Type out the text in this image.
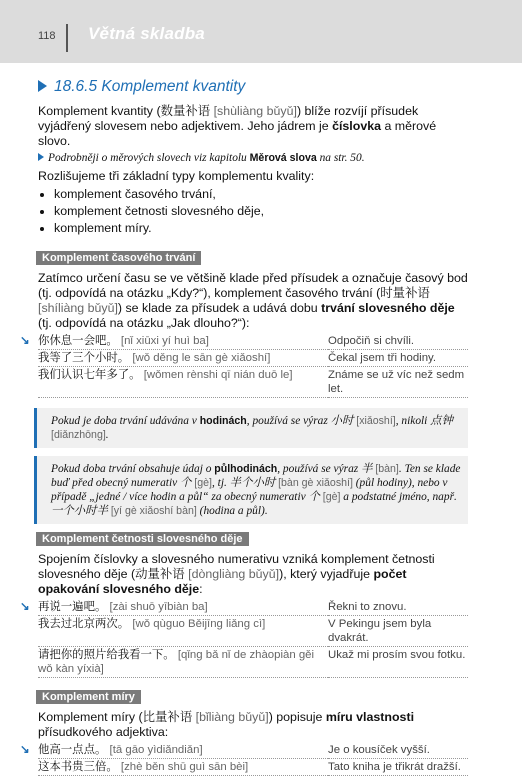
118 Větná skladba
18.6.5 Komplement kvantity

Komplement kvantity (数量补语 [shùliàng bǔyǔ]) blíže rozvíjí přísudek vyjádřený slovesem nebo adjektivem. Jeho jádrem je číslovka a měrové slovo.

Podrobněji o měrových slovech viz kapitolu Měrová slova na str. 50.

Rozlišujeme tři základní typy komplementu kvality:

• komplement časového trvání,
• komplement četnosti slovesného děje,
• komplement míry.
Komplement časového trvání

Zatímco určení času se ve většině klade před přísudek a označuje časový bod (tj. odpovídá na otázku „Kdy?“), komplement časového trvání (时量补语 [shíliàng bǔyǔ]) se klade za přísudek a udává dobu trvání slovesného děje (tj. odpovídá na otázku „Jak dlouho?“):

↘ 你休息一会吧。 [nǐ xiūxi yí huì ba]	Odpočiň si chvíli.
我等了三个小时。 [wǒ děng le sān gè xiǎoshí]	Čekal jsem tři hodiny.
我们认识七年多了。 [wǒmen rènshi qī nián duō le]	Známe se už víc než sedm let.
Pokud je doba trvání udávána v hodinách, používá se výraz 小时 [xiǎoshí], nikoli 点钟 [diǎnzhōng].
Pokud doba trvání obsahuje údaj o půlhodinách, používá se výraz 半 [bàn]. Ten se klade buď před obecný numerativ 个 [gè], tj. 半个小时 [bàn gè xiǎoshí] (půl hodiny), nebo v případě „jedné / více hodin a půl“ za obecný numerativ 个 [gè] a podstatné jméno, např. 一个小时半 [yí gè xiǎoshí bàn] (hodina a půl).
Komplement četnosti slovesného děje

Spojením číslovky a slovesného numerativu vzniká komplement četnosti slovesného děje (动量补语 [dòngliàng bǔyǔ]), který vyjadřuje počet opakování slovesného děje:

↘ 再说一遍吧。 [zài shuō yībiàn ba]	Řekni to znovu.
我去过北京两次。 [wǒ qùguo Běijīng liǎng cì]	V Pekingu jsem byla dvakrát.
请把你的照片给我看一下。 [qǐng bǎ nǐ de zhàopiàn gěi wǒ kàn yíxià]	Ukaž mi prosím svou fotku.
Komplement míry

Komplement míry (比量补语 [bǐliàng bǔyǔ]) popisuje míru vlastnosti přísudkového adjektiva:

↘ 他高一点点。 [tā gāo yìdiǎndiǎn]	Je o kousíček vyšší.
这本书贵三倍。 [zhè běn shū guì sān bèi]	Tato kniha je třikrát dražší.
